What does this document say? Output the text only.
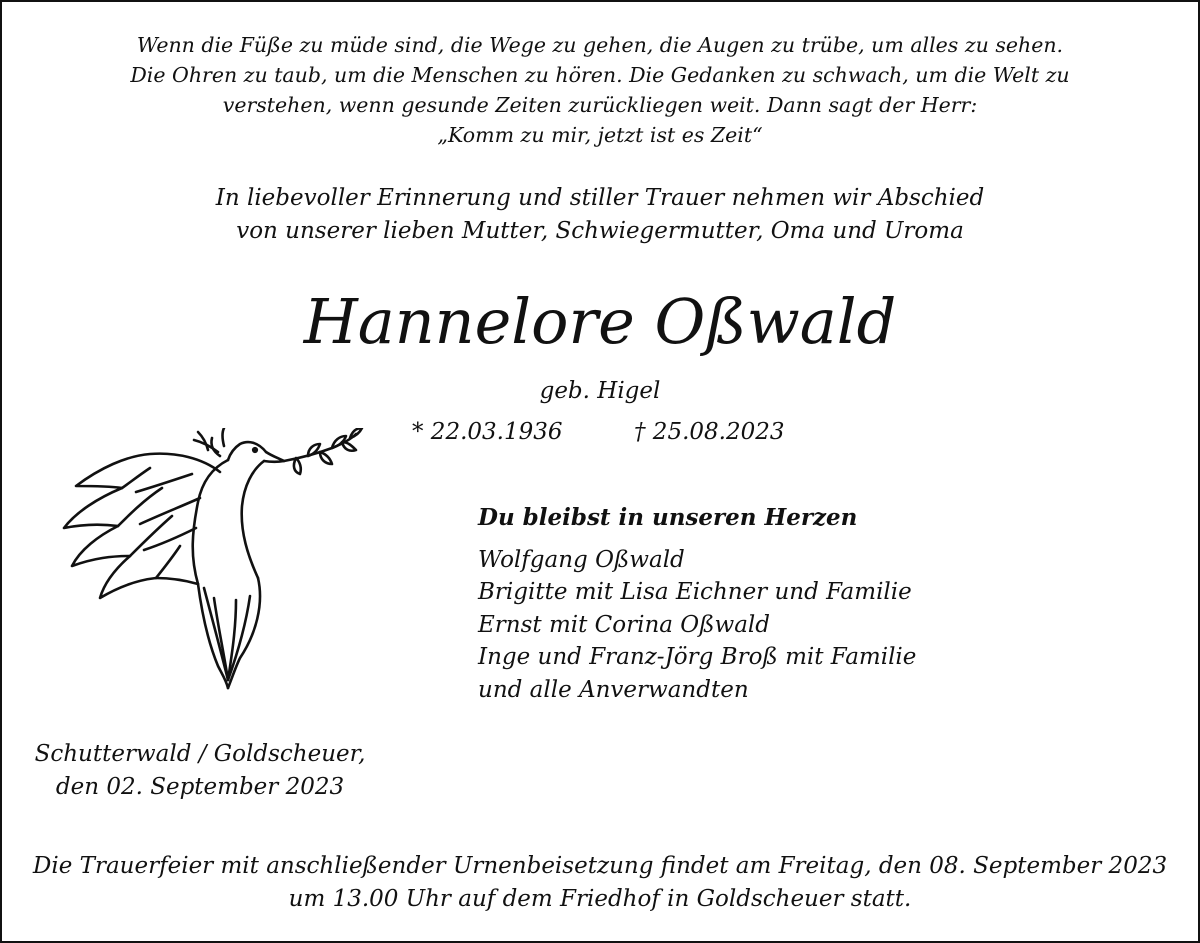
Wenn die Füße zu müde sind, die Wege zu gehen, die Augen zu trübe, um alles zu sehen.
Die Ohren zu taub, um die Menschen zu hören. Die Gedanken zu schwach, um die Welt zu
verstehen, wenn gesunde Zeiten zurückliegen weit. Dann sagt der Herr:
„Komm zu mir, jetzt ist es Zeit“
In liebevoller Erinnerung und stiller Trauer nehmen wir Abschied
von unserer lieben Mutter, Schwiegermutter, Oma und Uroma
Hannelore Oßwald
geb. Higel
* 22.03.1936	† 25.08.2023
Du bleibst in unseren Herzen
Wolfgang Oßwald
Brigitte mit Lisa Eichner und Familie
Ernst mit Corina Oßwald
Inge und Franz-Jörg Broß mit Familie
und alle Anverwandten
Schutterwald / Goldscheuer,
den 02. September 2023
Die Trauerfeier mit anschließender Urnenbeisetzung findet am Freitag, den 08. September 2023
um 13.00 Uhr auf dem Friedhof in Goldscheuer statt.
